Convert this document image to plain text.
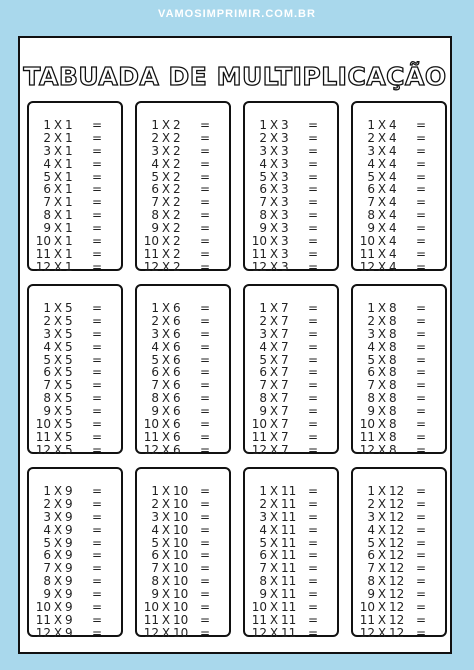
VAMOSIMPRIMIR.COM.BR
TABUADA DE MULTIPLICAÇÃO
1 X 1	=
2 X 1	=
3 X 1	=
4 X 1	=
5 X 1	=
6 X 1	=
7 X 1	=
8 X 1	=
9 X 1	=
10 X 1	=
11 X 1	=
12 X 1	=
1 X 2	=
2 X 2	=
3 X 2	=
4 X 2	=
5 X 2	=
6 X 2	=
7 X 2	=
8 X 2	=
9 X 2	=
10 X 2	=
11 X 2	=
12 X 2	=
1 X 3	=
2 X 3	=
3 X 3	=
4 X 3	=
5 X 3	=
6 X 3	=
7 X 3	=
8 X 3	=
9 X 3	=
10 X 3	=
11 X 3	=
12 X 3	=
1 X 4	=
2 X 4	=
3 X 4	=
4 X 4	=
5 X 4	=
6 X 4	=
7 X 4	=
8 X 4	=
9 X 4	=
10 X 4	=
11 X 4	=
12 X 4	=
1 X 5	=
2 X 5	=
3 X 5	=
4 X 5	=
5 X 5	=
6 X 5	=
7 X 5	=
8 X 5	=
9 X 5	=
10 X 5	=
11 X 5	=
12 X 5	=
1 X 6	=
2 X 6	=
3 X 6	=
4 X 6	=
5 X 6	=
6 X 6	=
7 X 6	=
8 X 6	=
9 X 6	=
10 X 6	=
11 X 6	=
12 X 6	=
1 X 7	=
2 X 7	=
3 X 7	=
4 X 7	=
5 X 7	=
6 X 7	=
7 X 7	=
8 X 7	=
9 X 7	=
10 X 7	=
11 X 7	=
12 X 7	=
1 X 8	=
2 X 8	=
3 X 8	=
4 X 8	=
5 X 8	=
6 X 8	=
7 X 8	=
8 X 8	=
9 X 8	=
10 X 8	=
11 X 8	=
12 X 8	=
1 X 9	=
2 X 9	=
3 X 9	=
4 X 9	=
5 X 9	=
6 X 9	=
7 X 9	=
8 X 9	=
9 X 9	=
10 X 9	=
11 X 9	=
12 X 9	=
1 X 10 =
2 X 10 =
3 X 10 =
4 X 10 =
5 X 10 =
6 X 10 =
7 X 10 =
8 X 10 =
9 X 10 =
10 X 10 =
11 X 10 =
12 X 10 =
1 X 11 =
2 X 11 =
3 X 11 =
4 X 11 =
5 X 11 =
6 X 11 =
7 X 11 =
8 X 11 =
9 X 11 =
10 X 11 =
11 X 11 =
12 X 11 =
1 X 12 =
2 X 12 =
3 X 12 =
4 X 12 =
5 X 12 =
6 X 12 =
7 X 12 =
8 X 12 =
9 X 12 =
10 X 12 =
11 X 12 =
12 X 12 =
